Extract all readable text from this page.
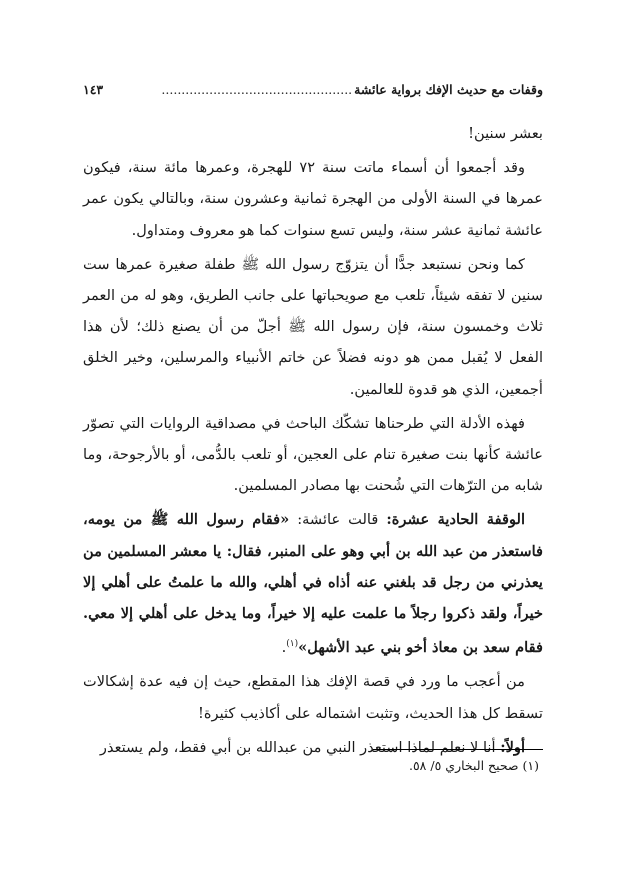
وقفات مع حديث الإفك برواية عائشة
................................................
١٤٣

بعشر سنين!

وقد أجمعوا أن أسماء ماتت سنة ٧٢ للهجرة، وعمرها مائة سنة، فيكون عمرها في السنة الأولى من الهجرة ثمانية وعشرون سنة، وبالتالي يكون عمر عائشة ثمانية عشر سنة، وليس تسع سنوات كما هو معروف ومتداول.

كما ونحن نستبعد جدًّا أن يتزوّج رسول الله ﷺ طفلة صغيرة عمرها ست سنين لا تفقه شيئاً، تلعب مع صويحباتها على جانب الطريق، وهو له من العمر ثلاث وخمسون سنة، فإن رسول الله ﷺ أجلّ من أن يصنع ذلك؛ لأن هذا الفعل لا يُقبل ممن هو دونه فضلاً عن خاتم الأنبياء والمرسلين، وخير الخلق أجمعين، الذي هو قدوة للعالمين.

فهذه الأدلة التي طرحناها تشكّك الباحث في مصداقية الروايات التي تصوّر عائشة كأنها بنت صغيرة تنام على العجين، أو تلعب بالدُّمى، أو بالأرجوحة، وما شابه من الترّهات التي شُحنت بها مصادر المسلمين.

الوقفة الحادية عشرة: قالت عائشة: «فقام رسول الله ﷺ من يومه، فاستعذر من عبد الله بن أبي وهو على المنبر، فقال: يا معشر المسلمين من يعذرني من رجل قد بلغني عنه أذاه في أهلي، والله ما علمتُ على أهلي إلا خيراً، ولقد ذكروا رجلاً ما علمت عليه إلا خيراً، وما يدخل على أهلي إلا معي. فقام سعد بن معاذ أخو بني عبد الأشهل»$^{(١)}$.

من أعجب ما ورد في قصة الإفك هذا المقطع، حيث إن فيه عدة إشكالات تسقط كل هذا الحديث، وتثبت اشتماله على أكاذيب كثيرة!

أولاً: أنا لا نعلم لماذا استعذر النبي من عبدالله بن أبي فقط، ولم يستعذر

(١) صحيح البخاري ٥/ ٥٨.
